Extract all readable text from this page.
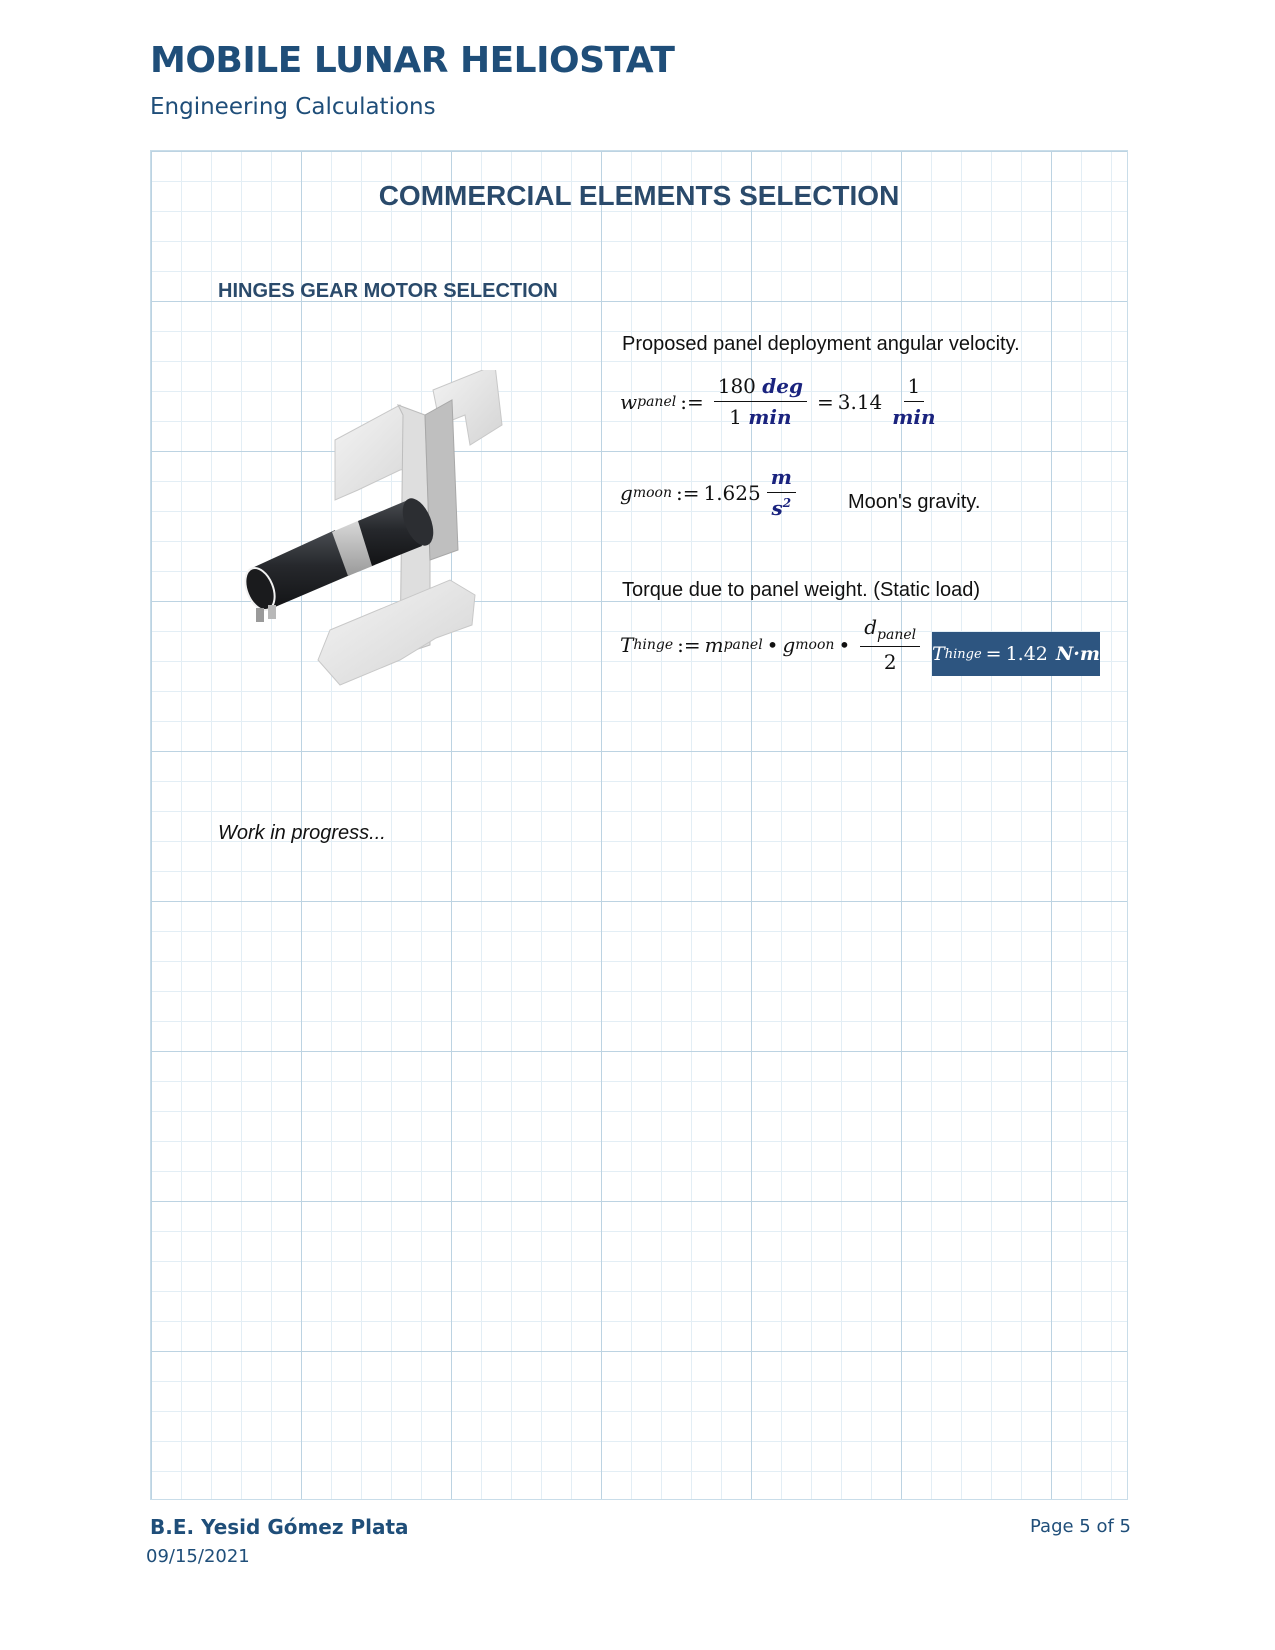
MOBILE LUNAR HELIOSTAT
Engineering Calculations
COMMERCIAL ELEMENTS SELECTION
HINGES GEAR MOTOR SELECTION
Proposed panel deployment angular velocity.
w panel := $\frac{\text{180 deg}}{1 \min} = 3.14 \frac{1}{\min}$
g moon := $1.625 \frac{m}{s^2}$	Moon's gravity.
Torque due to panel weight. (Static load)
T hinge := m panel • g moon • $\frac{d_{panel}}{2}$ T hinge = 1.42 N·m
Work in progress...
B.E. Yesid Gómez Plata
09/15/2021
Page 5 of 5
